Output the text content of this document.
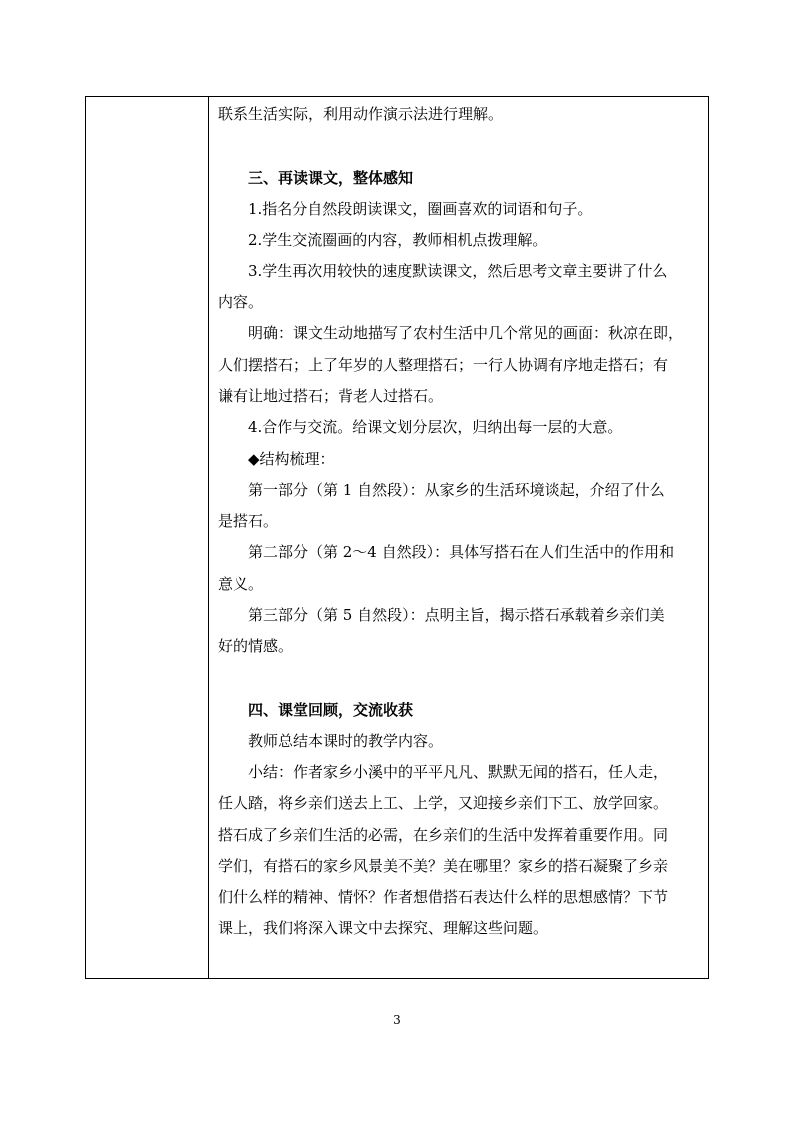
联系生活实际，利用动作演示法进行理解。
三、再读课文，整体感知
1.指名分自然段朗读课文，圈画喜欢的词语和句子。
2.学生交流圈画的内容，教师相机点拨理解。
3.学生再次用较快的速度默读课文，然后思考文章主要讲了什么
内容。
明确：课文生动地描写了农村生活中几个常见的画面：秋凉在即，
人们摆搭石；上了年岁的人整理搭石；一行人协调有序地走搭石；有
谦有让地过搭石；背老人过搭石。
4.合作与交流。给课文划分层次，归纳出每一层的大意。
◆结构梳理：
第一部分（第 1 自然段）：从家乡的生活环境谈起，介绍了什么
是搭石。
第二部分（第 2～4 自然段）：具体写搭石在人们生活中的作用和
意义。
第三部分（第 5 自然段）：点明主旨，揭示搭石承载着乡亲们美
好的情感。
四、课堂回顾，交流收获
教师总结本课时的教学内容。
小结：作者家乡小溪中的平平凡凡、默默无闻的搭石，任人走，
任人踏，将乡亲们送去上工、上学，又迎接乡亲们下工、放学回家。
搭石成了乡亲们生活的必需，在乡亲们的生活中发挥着重要作用。同
学们，有搭石的家乡风景美不美？美在哪里？家乡的搭石凝聚了乡亲
们什么样的精神、情怀？作者想借搭石表达什么样的思想感情？下节
课上，我们将深入课文中去探究、理解这些问题。
3
